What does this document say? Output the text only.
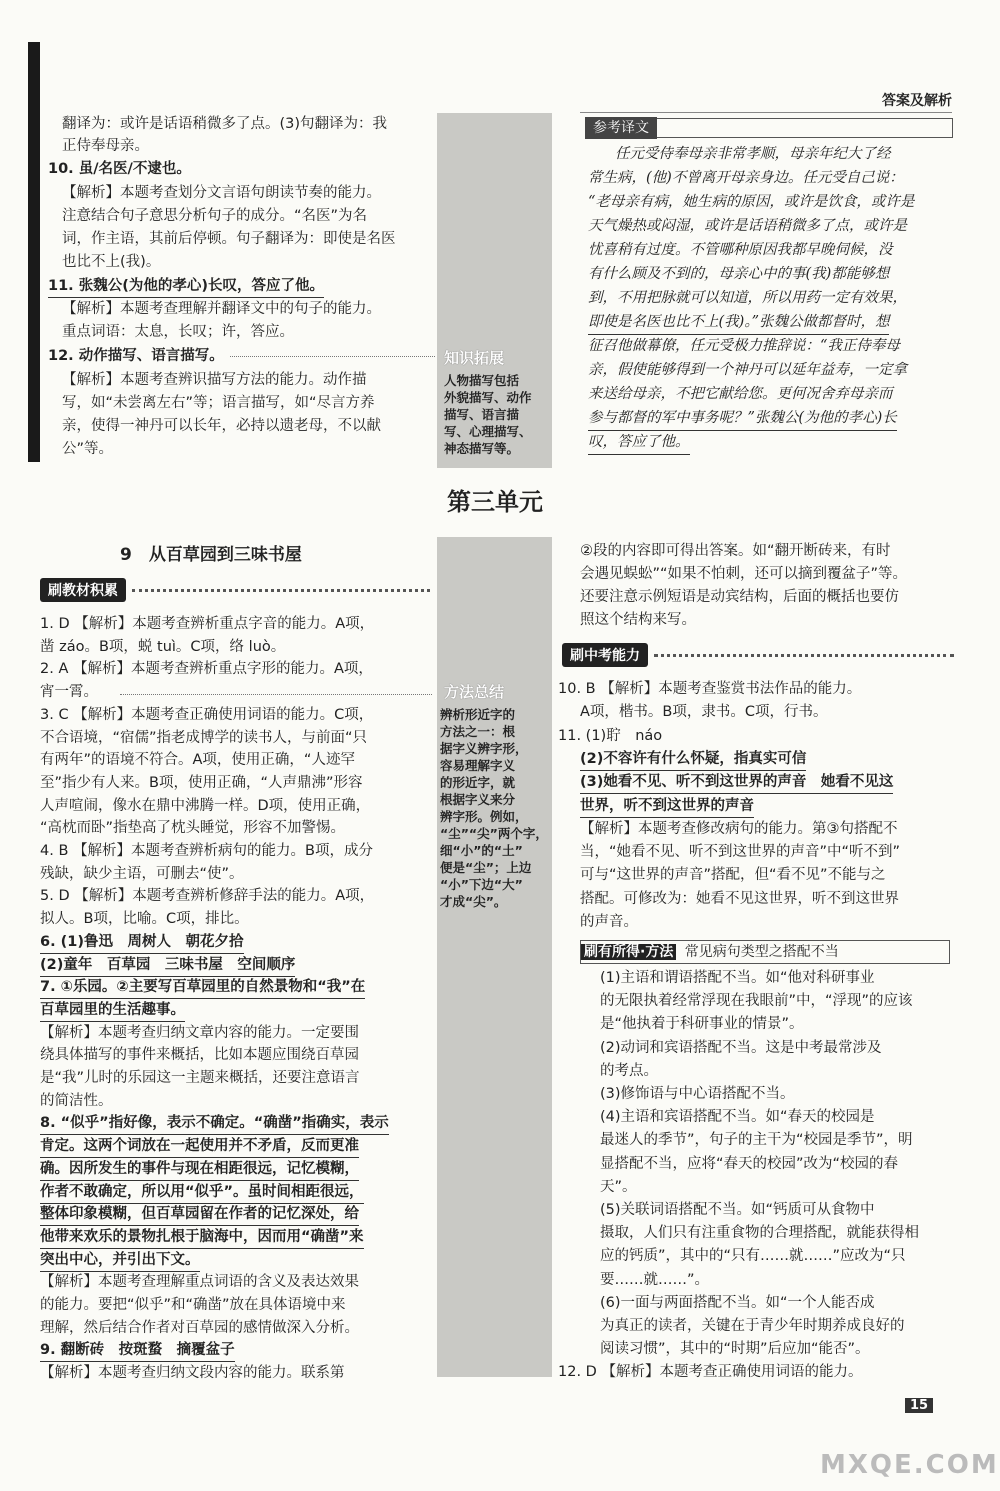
答案及解析
翻译为：或许是话语稍微多了点。(3)句翻译为：我
正侍奉母亲。
10. 虽/名医/不逮也。
【解析】本题考查划分文言语句朗读节奏的能力。
注意结合句子意思分析句子的成分。“名医”为名
词，作主语，其前后停顿。句子翻译为：即使是名医
也比不上(我)。
11. 张魏公(为他的孝心)长叹，答应了他。
【解析】本题考查理解并翻译文中的句子的能力。
重点词语：太息，长叹；许，答应。
12. 动作描写、语言描写。
【解析】本题考查辨识描写方法的能力。动作描
写，如“未尝离左右”等；语言描写，如“尽言方养
亲，使得一神丹可以长年，必持以遗老母，不以献
公”等。
知识拓展
人物描写包括
外貌描写、动作
描写、语言描
写、心理描写、
神态描写等。
参考译文
任元受侍奉母亲非常孝顺，母亲年纪大了经
常生病，(他)不曾离开母亲身边。任元受自己说：
“老母亲有病，她生病的原因，或许是饮食，或许是
天气燥热或闷湿，或许是话语稍微多了点，或许是
忧喜稍有过度。不管哪种原因我都早晚伺候，没
有什么顾及不到的，母亲心中的事(我)都能够想
到，不用把脉就可以知道，所以用药一定有效果，
即使是名医也比不上(我)。”张魏公做都督时，想
征召他做幕僚，任元受极力推辞说：“我正侍奉母
亲，假使能够得到一个神丹可以延年益寿，一定拿
来送给母亲，不把它献给您。更何况舍弃母亲而
参与都督的军中事务呢？”张魏公(为他的孝心)长
叹，答应了他。
第三单元
9　从百草园到三味书屋
刷教材积累
方法总结
辨析形近字的
方法之一：根
据字义辨字形，
容易理解字义
的形近字，就
根据字义来分
辨字形。例如，
“尘”“尖”两个字，
细“小”的“土”
便是“尘”；上边
“小”下边“大”
才成“尖”。
1. D 【解析】本题考查辨析重点字音的能力。A项，
凿 záo。B项，蜕 tuì。C项，络 luò。
2. A 【解析】本题考查辨析重点字形的能力。A项，
宵一霄。
3. C 【解析】本题考查正确使用词语的能力。C项，
不合语境，“宿儒”指老成博学的读书人，与前面“只
有两年”的语境不符合。A项，使用正确，“人迹罕
至”指少有人来。B项，使用正确，“人声鼎沸”形容
人声喧闹，像水在鼎中沸腾一样。D项，使用正确，
“高枕而卧”指垫高了枕头睡觉，形容不加警惕。
4. B 【解析】本题考查辨析病句的能力。B项，成分
残缺，缺少主语，可删去“使”。
5. D 【解析】本题考查辨析修辞手法的能力。A项，
拟人。B项，比喻。C项，排比。
6. (1)鲁迅　周树人　朝花夕拾
(2)童年　百草园　三味书屋　空间顺序
7. ①乐园。②主要写百草园里的自然景物和“我”在
百草园里的生活趣事。
【解析】本题考查归纳文章内容的能力。一定要围
绕具体描写的事件来概括，比如本题应围绕百草园
是“我”儿时的乐园这一主题来概括，还要注意语言
的简洁性。
8. “似乎”指好像，表示不确定。“确凿”指确实，表示
肯定。这两个词放在一起使用并不矛盾，反而更准
确。因所发生的事件与现在相距很远，记忆模糊，
作者不敢确定，所以用“似乎”。虽时间相距很远，
整体印象模糊，但百草园留在作者的记忆深处，给
他带来欢乐的景物扎根于脑海中，因而用“确凿”来
突出中心，并引出下文。
【解析】本题考查理解重点词语的含义及表达效果
的能力。要把“似乎”和“确凿”放在具体语境中来
理解，然后结合作者对百草园的感情做深入分析。
9. 翻断砖　按斑蝥　摘覆盆子
【解析】本题考查归纳文段内容的能力。联系第
②段的内容即可得出答案。如“翻开断砖来，有时
会遇见蜈蚣”“如果不怕刺，还可以摘到覆盆子”等。
还要注意示例短语是动宾结构，后面的概括也要仿
照这个结构来写。
刷中考能力
10. B 【解析】本题考查鉴赏书法作品的能力。
A项，楷书。B项，隶书。C项，行书。
11. (1)聍　náo
(2)不容许有什么怀疑，指真实可信
(3)她看不见、听不到这世界的声音　她看不见这
世界，听不到这世界的声音
【解析】本题考查修改病句的能力。第③句搭配不
当，“她看不见、听不到这世界的声音”中“听不到”
可与“这世界的声音”搭配，但“看不见”不能与之
搭配。可修改为：她看不见这世界，听不到这世界
的声音。
刷有所得·方法 常见病句类型之搭配不当
(1)主语和谓语搭配不当。如“他对科研事业
的无限执着经常浮现在我眼前”中，“浮现”的应该
是“他执着于科研事业的情景”。
(2)动词和宾语搭配不当。这是中考最常涉及
的考点。
(3)修饰语与中心语搭配不当。
(4)主语和宾语搭配不当。如“春天的校园是
最迷人的季节”，句子的主干为“校园是季节”，明
显搭配不当，应将“春天的校园”改为“校园的春
天”。
(5)关联词语搭配不当。如“钙质可从食物中
摄取，人们只有注重食物的合理搭配，就能获得相
应的钙质”，其中的“只有……就……”应改为“只
要……就……”。
(6)一面与两面搭配不当。如“一个人能否成
为真正的读者，关键在于青少年时期养成良好的
阅读习惯”，其中的“时期”后应加“能否”。
12. D 【解析】本题考查正确使用词语的能力。
15
MXQE.COM
